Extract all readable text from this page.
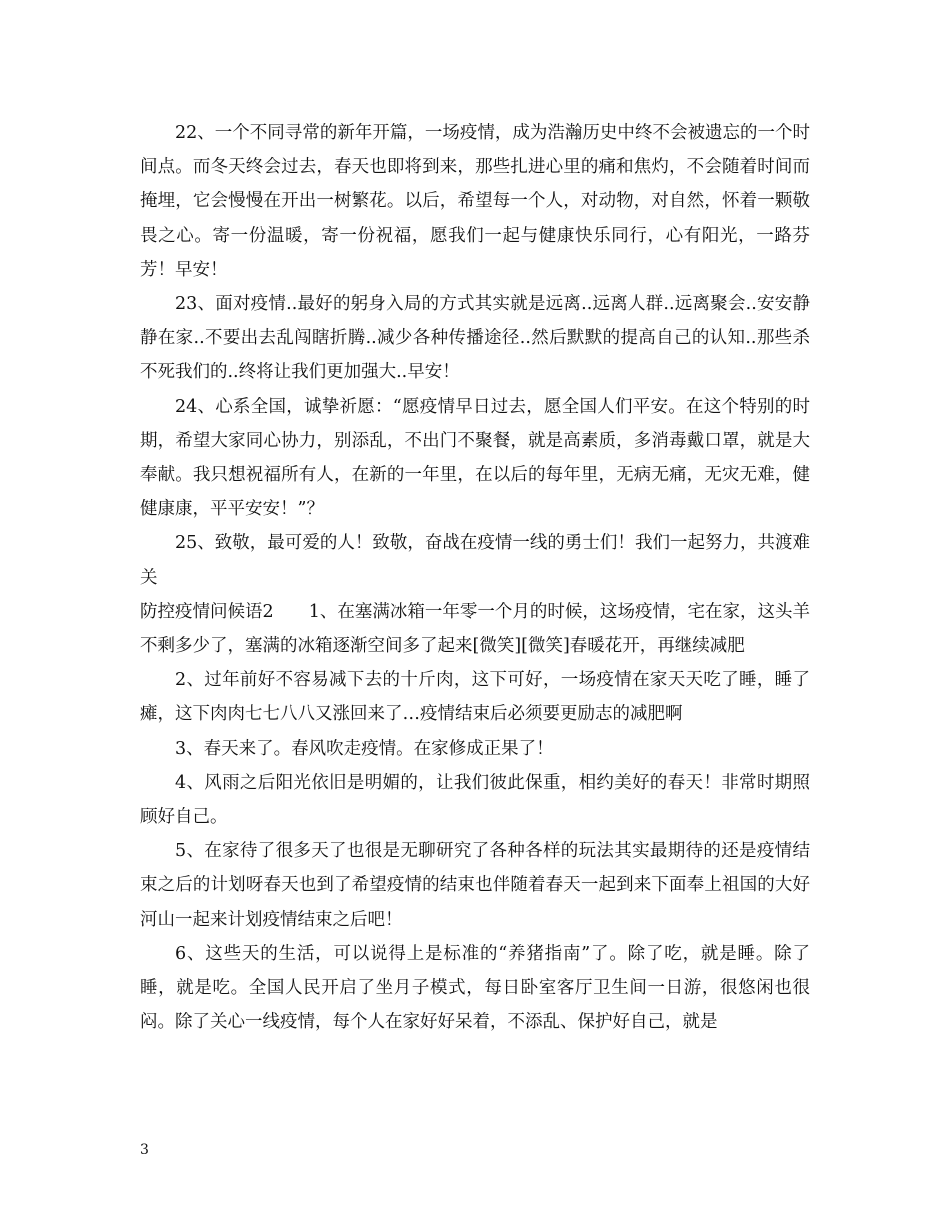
22、一个不同寻常的新年开篇，一场疫情，成为浩瀚历史中终不会被遗忘的一个时间点。而冬天终会过去，春天也即将到来，那些扎进心里的痛和焦灼，不会随着时间而掩埋，它会慢慢在开出一树繁花。以后，希望每一个人，对动物，对自然，怀着一颗敬畏之心。寄一份温暖，寄一份祝福，愿我们一起与健康快乐同行，心有阳光，一路芬芳！早安！

23、面对疫情..最好的躬身入局的方式其实就是远离..远离人群..远离聚会..安安静静在家..不要出去乱闯瞎折腾..减少各种传播途径..然后默默的提高自己的认知..那些杀不死我们的..终将让我们更加强大..早安！

24、心系全国，诚挚祈愿：“愿疫情早日过去，愿全国人们平安。在这个特别的时期，希望大家同心协力，别添乱，不出门不聚餐，就是高素质，多消毒戴口罩，就是大奉献。我只想祝福所有人，在新的一年里，在以后的每年里，无病无痛，无灾无难，健健康康，平平安安！”？

25、致敬，最可爱的人！致敬，奋战在疫情一线的勇士们！我们一起努力，共渡难关

防控疫情问候语2　　1、在塞满冰箱一年零一个月的时候，这场疫情，宅在家，这头羊不剩多少了，塞满的冰箱逐渐空间多了起来[微笑][微笑]春暖花开，再继续减肥

2、过年前好不容易减下去的十斤肉，这下可好，一场疫情在家天天吃了睡，睡了瘫，这下肉肉七七八八又涨回来了…疫情结束后必须要更励志的减肥啊

3、春天来了。春风吹走疫情。在家修成正果了！

4、风雨之后阳光依旧是明媚的，让我们彼此保重，相约美好的春天！非常时期照顾好自己。

5、在家待了很多天了也很是无聊研究了各种各样的玩法其实最期待的还是疫情结束之后的计划呀春天也到了希望疫情的结束也伴随着春天一起到来下面奉上祖国的大好河山一起来计划疫情结束之后吧！

6、这些天的生活，可以说得上是标准的“养猪指南”了。除了吃，就是睡。除了睡，就是吃。全国人民开启了坐月子模式，每日卧室客厅卫生间一日游，很悠闲也很闷。除了关心一线疫情，每个人在家好好呆着，不添乱、保护好自己，就是

3
